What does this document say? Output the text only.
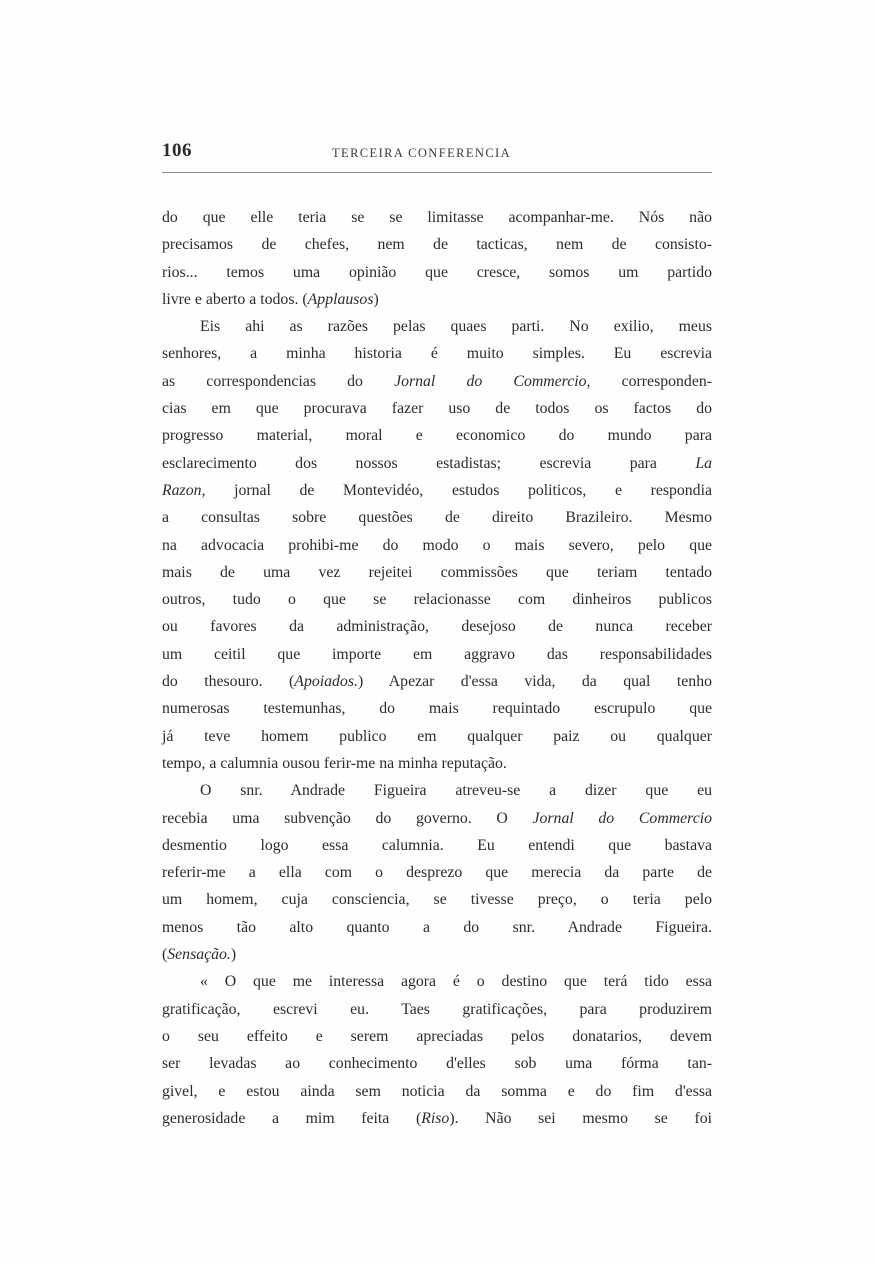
106	TERCEIRA CONFERENCIA
do que elle teria se se limitasse acompanhar-me. Nós não
precisamos de chefes, nem de tacticas, nem de consisto-
rios... temos uma opinião que cresce, somos um partido
livre e aberto a todos. (Applausos)
Eis ahi as razões pelas quaes parti. No exilio, meus
senhores, a minha historia é muito simples. Eu escrevia
as correspondencias do Jornal do Commercio, corresponden-
cias em que procurava fazer uso de todos os factos do
progresso material, moral e economico do mundo para
esclarecimento dos nossos estadistas; escrevia para La
Razon, jornal de Montevidéo, estudos politicos, e respondia
a consultas sobre questões de direito Brazileiro. Mesmo
na advocacia prohibi-me do modo o mais severo, pelo que
mais de uma vez rejeitei commissões que teriam tentado
outros, tudo o que se relacionasse com dinheiros publicos
ou favores da administração, desejoso de nunca receber
um ceitil que importe em aggravo das responsabilidades
do thesouro. (Apoiados.) Apezar d'essa vida, da qual tenho
numerosas testemunhas, do mais requintado escrupulo que
já teve homem publico em qualquer paiz ou qualquer
tempo, a calumnia ousou ferir-me na minha reputação.
O snr. Andrade Figueira atreveu-se a dizer que eu
recebia uma subvenção do governo. O Jornal do Commercio
desmentio logo essa calumnia. Eu entendi que bastava
referir-me a ella com o desprezo que merecia da parte de
um homem, cuja consciencia, se tivesse preço, o teria pelo
menos tão alto quanto a do snr. Andrade Figueira.
(Sensação.)
« O que me interessa agora é o destino que terá tido essa
gratificação, escrevi eu. Taes gratificações, para produzirem
o seu effeito e serem apreciadas pelos donatarios, devem
ser levadas ao conhecimento d'elles sob uma fórma tan-
givel, e estou ainda sem noticia da somma e do fim d'essa
generosidade a mim feita (Riso). Não sei mesmo se foi
